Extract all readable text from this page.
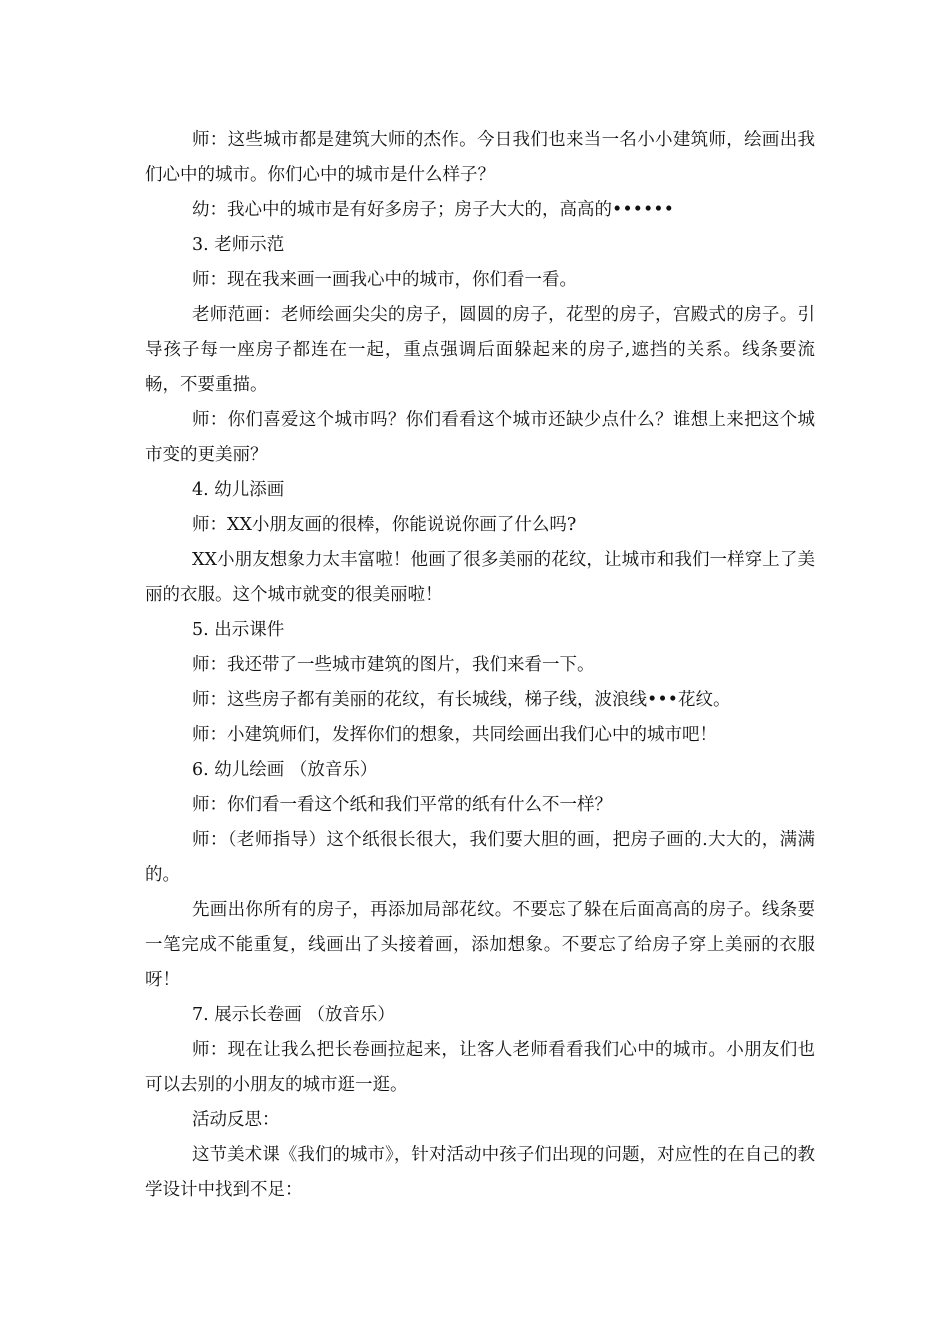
师：这些城市都是建筑大师的杰作。今日我们也来当一名小小建筑师，绘画出我们心中的城市。你们心中的城市是什么样子？

幼：我心中的城市是有好多房子；房子大大的，高高的••••••

3. 老师示范

师：现在我来画一画我心中的城市，你们看一看。

老师范画：老师绘画尖尖的房子，圆圆的房子，花型的房子，宫殿式的房子。引导孩子每一座房子都连在一起，重点强调后面躲起来的房子,遮挡的关系。线条要流畅，不要重描。

师：你们喜爱这个城市吗？你们看看这个城市还缺少点什么？谁想上来把这个城市变的更美丽？

4. 幼儿添画

师：XX小朋友画的很棒，你能说说你画了什么吗?

XX小朋友想象力太丰富啦！他画了很多美丽的花纹，让城市和我们一样穿上了美丽的衣服。这个城市就变的很美丽啦！

5. 出示课件

师：我还带了一些城市建筑的图片，我们来看一下。

师：这些房子都有美丽的花纹，有长城线，梯子线，波浪线•••花纹。

师：小建筑师们，发挥你们的想象，共同绘画出我们心中的城市吧！

6. 幼儿绘画 （放音乐）

师：你们看一看这个纸和我们平常的纸有什么不一样？

师：（老师指导）这个纸很长很大，我们要大胆的画，把房子画的.大大的，满满的。

先画出你所有的房子，再添加局部花纹。不要忘了躲在后面高高的房子。线条要一笔完成不能重复，线画出了头接着画，添加想象。不要忘了给房子穿上美丽的衣服呀！

7. 展示长卷画 （放音乐）

师：现在让我么把长卷画拉起来，让客人老师看看我们心中的城市。小朋友们也可以去别的小朋友的城市逛一逛。

活动反思：

这节美术课《我们的城市》，针对活动中孩子们出现的问题，对应性的在自己的教学设计中找到不足：
